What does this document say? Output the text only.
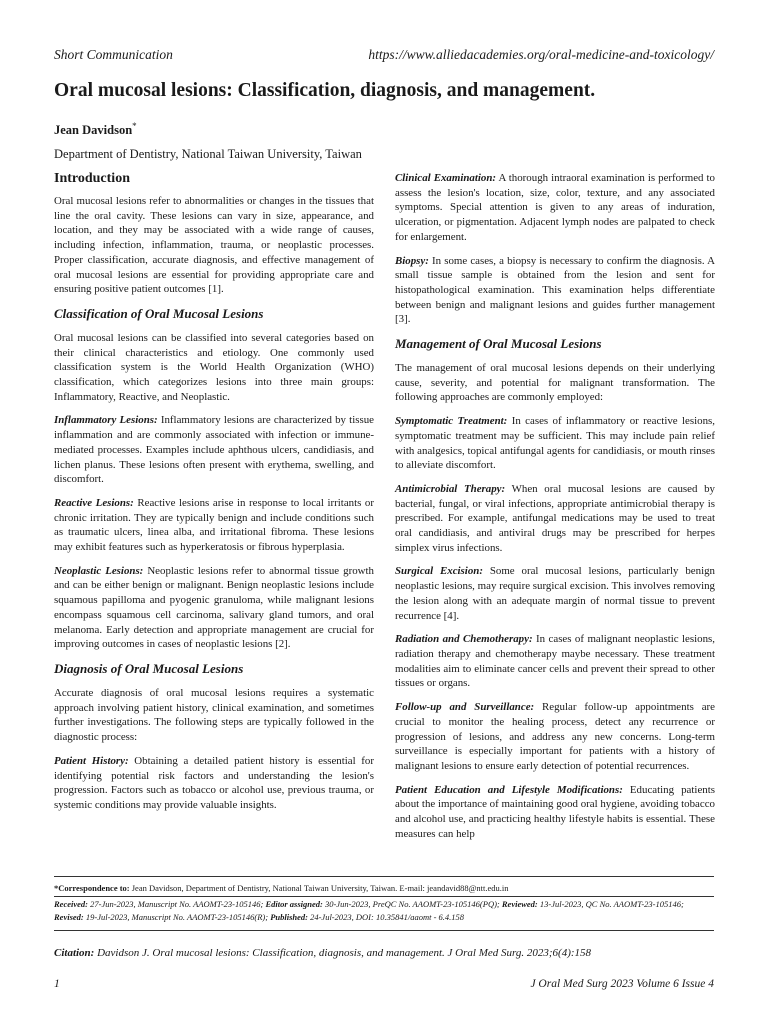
Short Communication	https://www.alliedacademies.org/oral-medicine-and-toxicology/
Oral mucosal lesions: Classification, diagnosis, and management.
Jean Davidson*
Department of Dentistry, National Taiwan University, Taiwan
Introduction

Oral mucosal lesions refer to abnormalities or changes in the tissues that line the oral cavity. These lesions can vary in size, appearance, and location, and they may be associated with a wide range of causes, including infection, inflammation, trauma, or neoplastic processes. Proper classification, accurate diagnosis, and effective management of oral mucosal lesions are essential for providing appropriate care and ensuring positive patient outcomes [1].

Classification of Oral Mucosal Lesions

Oral mucosal lesions can be classified into several categories based on their clinical characteristics and etiology. One commonly used classification system is the World Health Organization (WHO) classification, which categorizes lesions into three main groups: Inflammatory, Reactive, and Neoplastic.

Inflammatory Lesions: Inflammatory lesions are characterized by tissue inflammation and are commonly associated with infection or immune-mediated processes. Examples include aphthous ulcers, candidiasis, and lichen planus. These lesions often present with erythema, swelling, and discomfort.

Reactive Lesions: Reactive lesions arise in response to local irritants or chronic irritation. They are typically benign and include conditions such as traumatic ulcers, linea alba, and irritational fibroma. These lesions may exhibit features such as hyperkeratosis or fibrous hyperplasia.

Neoplastic Lesions: Neoplastic lesions refer to abnormal tissue growth and can be either benign or malignant. Benign neoplastic lesions include squamous papilloma and pyogenic granuloma, while malignant lesions encompass squamous cell carcinoma, salivary gland tumors, and oral melanoma. Early detection and appropriate management are crucial for improving outcomes in cases of neoplastic lesions [2].

Diagnosis of Oral Mucosal Lesions

Accurate diagnosis of oral mucosal lesions requires a systematic approach involving patient history, clinical examination, and sometimes further investigations. The following steps are typically followed in the diagnostic process:

Patient History: Obtaining a detailed patient history is essential for identifying potential risk factors and understanding the lesion's progression. Factors such as tobacco or alcohol use, previous trauma, or systemic conditions may provide valuable insights.

Clinical Examination: A thorough intraoral examination is performed to assess the lesion's location, size, color, texture, and any associated symptoms. Special attention is given to any areas of induration, ulceration, or pigmentation. Adjacent lymph nodes are palpated to check for enlargement.

Biopsy: In some cases, a biopsy is necessary to confirm the diagnosis. A small tissue sample is obtained from the lesion and sent for histopathological examination. This examination helps differentiate between benign and malignant lesions and guides further management [3].

Management of Oral Mucosal Lesions

The management of oral mucosal lesions depends on their underlying cause, severity, and potential for malignant transformation. The following approaches are commonly employed:

Symptomatic Treatment: In cases of inflammatory or reactive lesions, symptomatic treatment may be sufficient. This may include pain relief with analgesics, topical antifungal agents for candidiasis, or mouth rinses to alleviate discomfort.

Antimicrobial Therapy: When oral mucosal lesions are caused by bacterial, fungal, or viral infections, appropriate antimicrobial therapy is prescribed. For example, antifungal medications may be used to treat oral candidiasis, and antiviral drugs may be prescribed for herpes simplex virus infections.

Surgical Excision: Some oral mucosal lesions, particularly benign neoplastic lesions, may require surgical excision. This involves removing the lesion along with an adequate margin of normal tissue to prevent recurrence [4].

Radiation and Chemotherapy: In cases of malignant neoplastic lesions, radiation therapy and chemotherapy maybe necessary. These treatment modalities aim to eliminate cancer cells and prevent their spread to other tissues or organs.

Follow-up and Surveillance: Regular follow-up appointments are crucial to monitor the healing process, detect any recurrence or progression of lesions, and address any new concerns. Long-term surveillance is especially important for patients with a history of malignant lesions to ensure early detection of potential recurrences.

Patient Education and Lifestyle Modifications: Educating patients about the importance of maintaining good oral hygiene, avoiding tobacco and alcohol use, and practicing healthy lifestyle habits is essential. These measures can help

*Correspondence to: Jean Davidson, Department of Dentistry, National Taiwan University, Taiwan. E-mail: jeandavid88@ntt.edu.in
Received: 27-Jun-2023, Manuscript No. AAOMT-23-105146; Editor assigned: 30-Jun-2023, PreQC No. AAOMT-23-105146(PQ); Reviewed: 13-Jul-2023, QC No. AAOMT-23-105146; Revised: 19-Jul-2023, Manuscript No. AAOMT-23-105146(R); Published: 24-Jul-2023, DOI: 10.35841/aaomt - 6.4.158
Citation: Davidson J. Oral mucosal lesions: Classification, diagnosis, and management. J Oral Med Surg. 2023;6(4):158
1	J Oral Med Surg 2023 Volume 6 Issue 4
